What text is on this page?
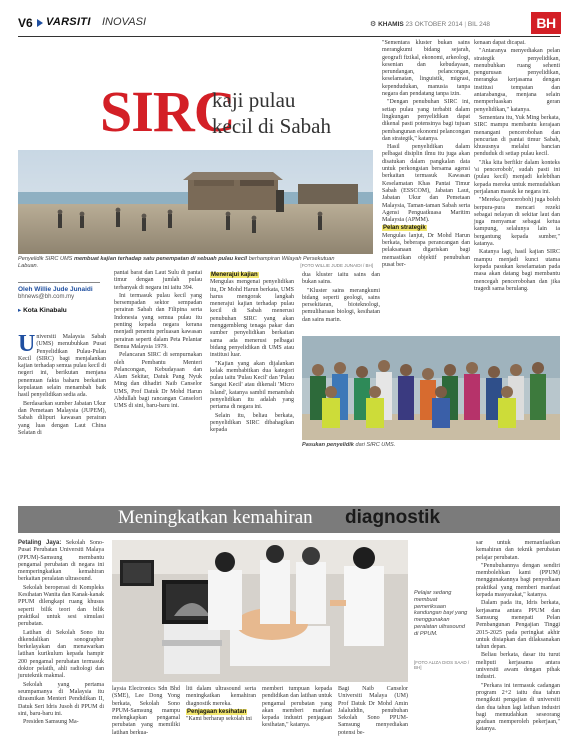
V6 VARSITI INOVASI	⚙ KHAMIS 23 OKTOBER 2014 | BIL 248	BH
SIRC
kaji pulau
kecil di Sabah
Penyelidik SIRC UMS membuat kajian terhadap satu penempatan di sebuah pulau kecil berhampiran Wilayah Persekutuan Labuan.	[FOTO WILLIE JUDE JUNAIDI / BH]
Oleh Willie Jude Junaidi
bhnews@bh.com.my
▸ Kota Kinabalu
U niversiti Malaysia Sabah (UMS) menubuhkan Pusat Penyelidikan Pulau-Pulau Kecil (SIRC) bagi menjalankan kajian terhadap semua pulau kecil di negeri ini, berikutan menjana penemuan fakta baharu berkaitan kepulauan selain menambah baik hasil penyelidikan sedia ada.

Berdasarkan sumber Jabatan Ukur dan Pemetaan Malaysia (JUPEM), Sabah dilipuri kawasan perairan yang luas dengan Laut China Selatan di

pantai barat dan Laut Sulu di pantai timur dengan jumlah pulau terbanyak di negara ini iaitu 394.

Ini termasuk pulau kecil yang bersempadan sektor sempadan perairan Sabah dan Filipina serta Indonesia yang semua pulau itu penting kepada negara kerana menjadi penentu perluasan kawasan perairan seperti dalam Peta Pelantar Benua Malaysia 1979.

Pelancaran SIRC di sempurnakan oleh Pembantu Menteri Pelancongan, Kebudayaan dan Alam Sekitar, Datuk Pang Nyuk Ming dan dihadiri Naib Canselor UMS, Prof Datuk Dr Mohd Harun Abdullah bagi rancangan Canselori UMS di sini, baru-baru ini.

Menerajui kajian

Mengulas mengenai penyelidikan itu, Dr Mohd Harun berkata, UMS harus mengorak langkah menerajui kajian terhadap pulau kecil di Sabah menerusi penubuhan SIRC yang akan menggembleng tenaga pakar dan sumber penyelidikan berkaitan sama ada menerusi pelbagai bidang penyelidikan di UMS atau institusi luar.

"Kajian yang akan dijalankan kelak membabitkan dua kategori pulau iaitu 'Pulau Kecil' dan 'Pulau Sangat Kecil' atau dikenali 'Micro Island', katanya sambil menambah penyelidikan itu adalah yang pertama di negara ini.

Selain itu, beliau berkata, penyelidikan SIRC dibahagikan kepada

dua kluster iaitu sains dan bukan sains.

"Kluster sains merangkumi bidang seperti geologi, sains persekitaran, bioteknologi, pemuliharaan biologi, kesihatan dan sains marin.

"Sementara kluster bukan sains merangkumi bidang sejarah, geografi fizikal, ekonomi, arkeologi, kesenian dan kebudayaan, perundangan, pelancongan, keselamatan, linguistik, migrasi, kependudukan, manusia tanpa negara dan pendatang tanpa izin.

"Dengan penubuhan SIRC ini, setiap pulau yang terbabit dalam lingkungan penyelidikan dapat dikenal pasti potensinya bagi tujuan pembangunan ekonomi pelancongan dan strategik," katanya.

Hasil penyelidikan dalam pelbagai disiplin ilmu itu juga akan disatukan dalam pangkalan data untuk perkongsian bersama agensi berkaitan termasuk Kawasan Keselamatan Khas Pantai Timur Sabah (ESSCOM), Jabatan Laut, Jabatan Ukur dan Pemetaan Malaysia, Taman-taman Sabah serta Agensi Penguatkuasa Maritim Malaysia (APMM).

Pelan strategik

Mengulas lanjut, Dr Mohd Harun berkata, beberapa perancangan dan pelaksanaan digariskan bagi memastikan objektif penubuhan pusat ber-

kenaan dapat dicapai.

"Antaranya menyediakan pelan strategik penyelidikan, menubuhkan ruang sehenti pengurusan penyelidikan, merangka kerjasama dengan institusi tempatan dan antarabangsa, menjana selain memperluaskan geran penyelidikan," katanya.

Sementara itu, Yuk Ming berkata, SIRC mampu membantu kerajaan menangani pencerobohan dan pencurian di pantai timur Sabah, khususnya melalui bancian penduduk di setiap pulau kecil.

"Jika kita berfikir dalam konteks 'si penceroboh', sudah pasti ini (pulau kecil) menjadi kelebihan kepada mereka untuk memudahkan perjalanan masuk ke negara ini.

"Mereka (penceroboh) juga boleh berpura-pura mencari rezeki sebagai nelayan di sekitar laut dan juga menyamar sebagai ketua kampung, selalunya lain ia bergantung kepada sumber," katanya.

Katanya lagi, hasil kajian SIRC mampu menjadi kunci utama kepada pasukan keselamatan pada masa akan datang bagi membantu mencegah pencerobohan dan jika tragedi sama berulang.

Pasukan penyelidik dari SIRC UMS.
Meningkatkan kemahiran diagnostik

Petaling Jaya: Sekolah Sono-Pusat Perubatan Universiti Malaya (PPUM)-Samsung membantu pengamal perubatan di negara ini memperingkatkan kemahiran berkaitan peralatan ultrasound.

Sekolah beroperasi di Kompleks Kesihatan Wanita dan Kanak-kanak PPUM dilengkapi ruang khusus seperti bilik teori dan bilik praktikal untuk sesi simulasi perubatan.

Latihan di Sekolah Sono itu dikendalikan sonographer berkelayakan dan menawarkan latihan kurikulum kepada hampir 200 pengamal perubatan termasuk doktor pelatih, ahli radiologi dan juruteknik makmal.

Sekolah yang pertama seumpamanya di Malaysia itu dirasmikan Menteri Pendidikan II, Datuk Seri Idris Jusoh di PPUM di sini, baru-baru ini.

Presiden Samsung Ma-

Pelajar sedang membuat pemeriksaan kandungan bayi yang menggunakan peralatan ultrasound di PPUM.
[FOTO ALIZA DIOS SAAD / BH]

laysia Electronics Sdn Bhd (SME), Lee Dong Yong berkata, Sekolah Sono PPUM-Samsung mampu melengkapkan pengamal perubatan yang memiliki latihan berkua-

liti dalam ultrasound serta meningkatkan kemahiran diagnostik mereka.

Penjagaan kesihatan

"Kami berharap sekolah ini

memberi tumpuan kepada pendidikan dan latihan untuk pengamal perubatan yang akan memberi manfaat kepada industri penjagaan kesihatan," katanya.

Bagi Naib Canselor Universiti Malaya (UM) Prof Datuk Dr Mohd Amin Jalaluddin, penubuhan Sekolah Sono PPUM-Samsung menyediakan potensi be-

sar untuk memanfaatkan kemahiran dan teknik perubatan pelajar perubatan.

"Penubuhannya dengan sendiri membolehkan kami (PPUM) menggunakannya bagi penyediaan praktikal yang memberi manfaat kepada masyarakat," katanya.

Dalam pada itu, Idris berkata, kerjasama antara PPUM dan Samsung menepati Pelan Pembangunan Pengajian Tinggi 2015-2025 pada peringkat akhir untuk disiapkan dan dilaksanakan tahun depan.

Beliau berkata, dasar itu turut meliputi kerjasama antara universiti awam dengan pihak industri.

"Perkara ini termasuk cadangan program 2+2 iaitu dua tahun mengikuti pengajian di universiti dan dua tahun lagi latihan industri bagi memudahkan seseorang graduan memperoleh pekerjaan," katanya.
